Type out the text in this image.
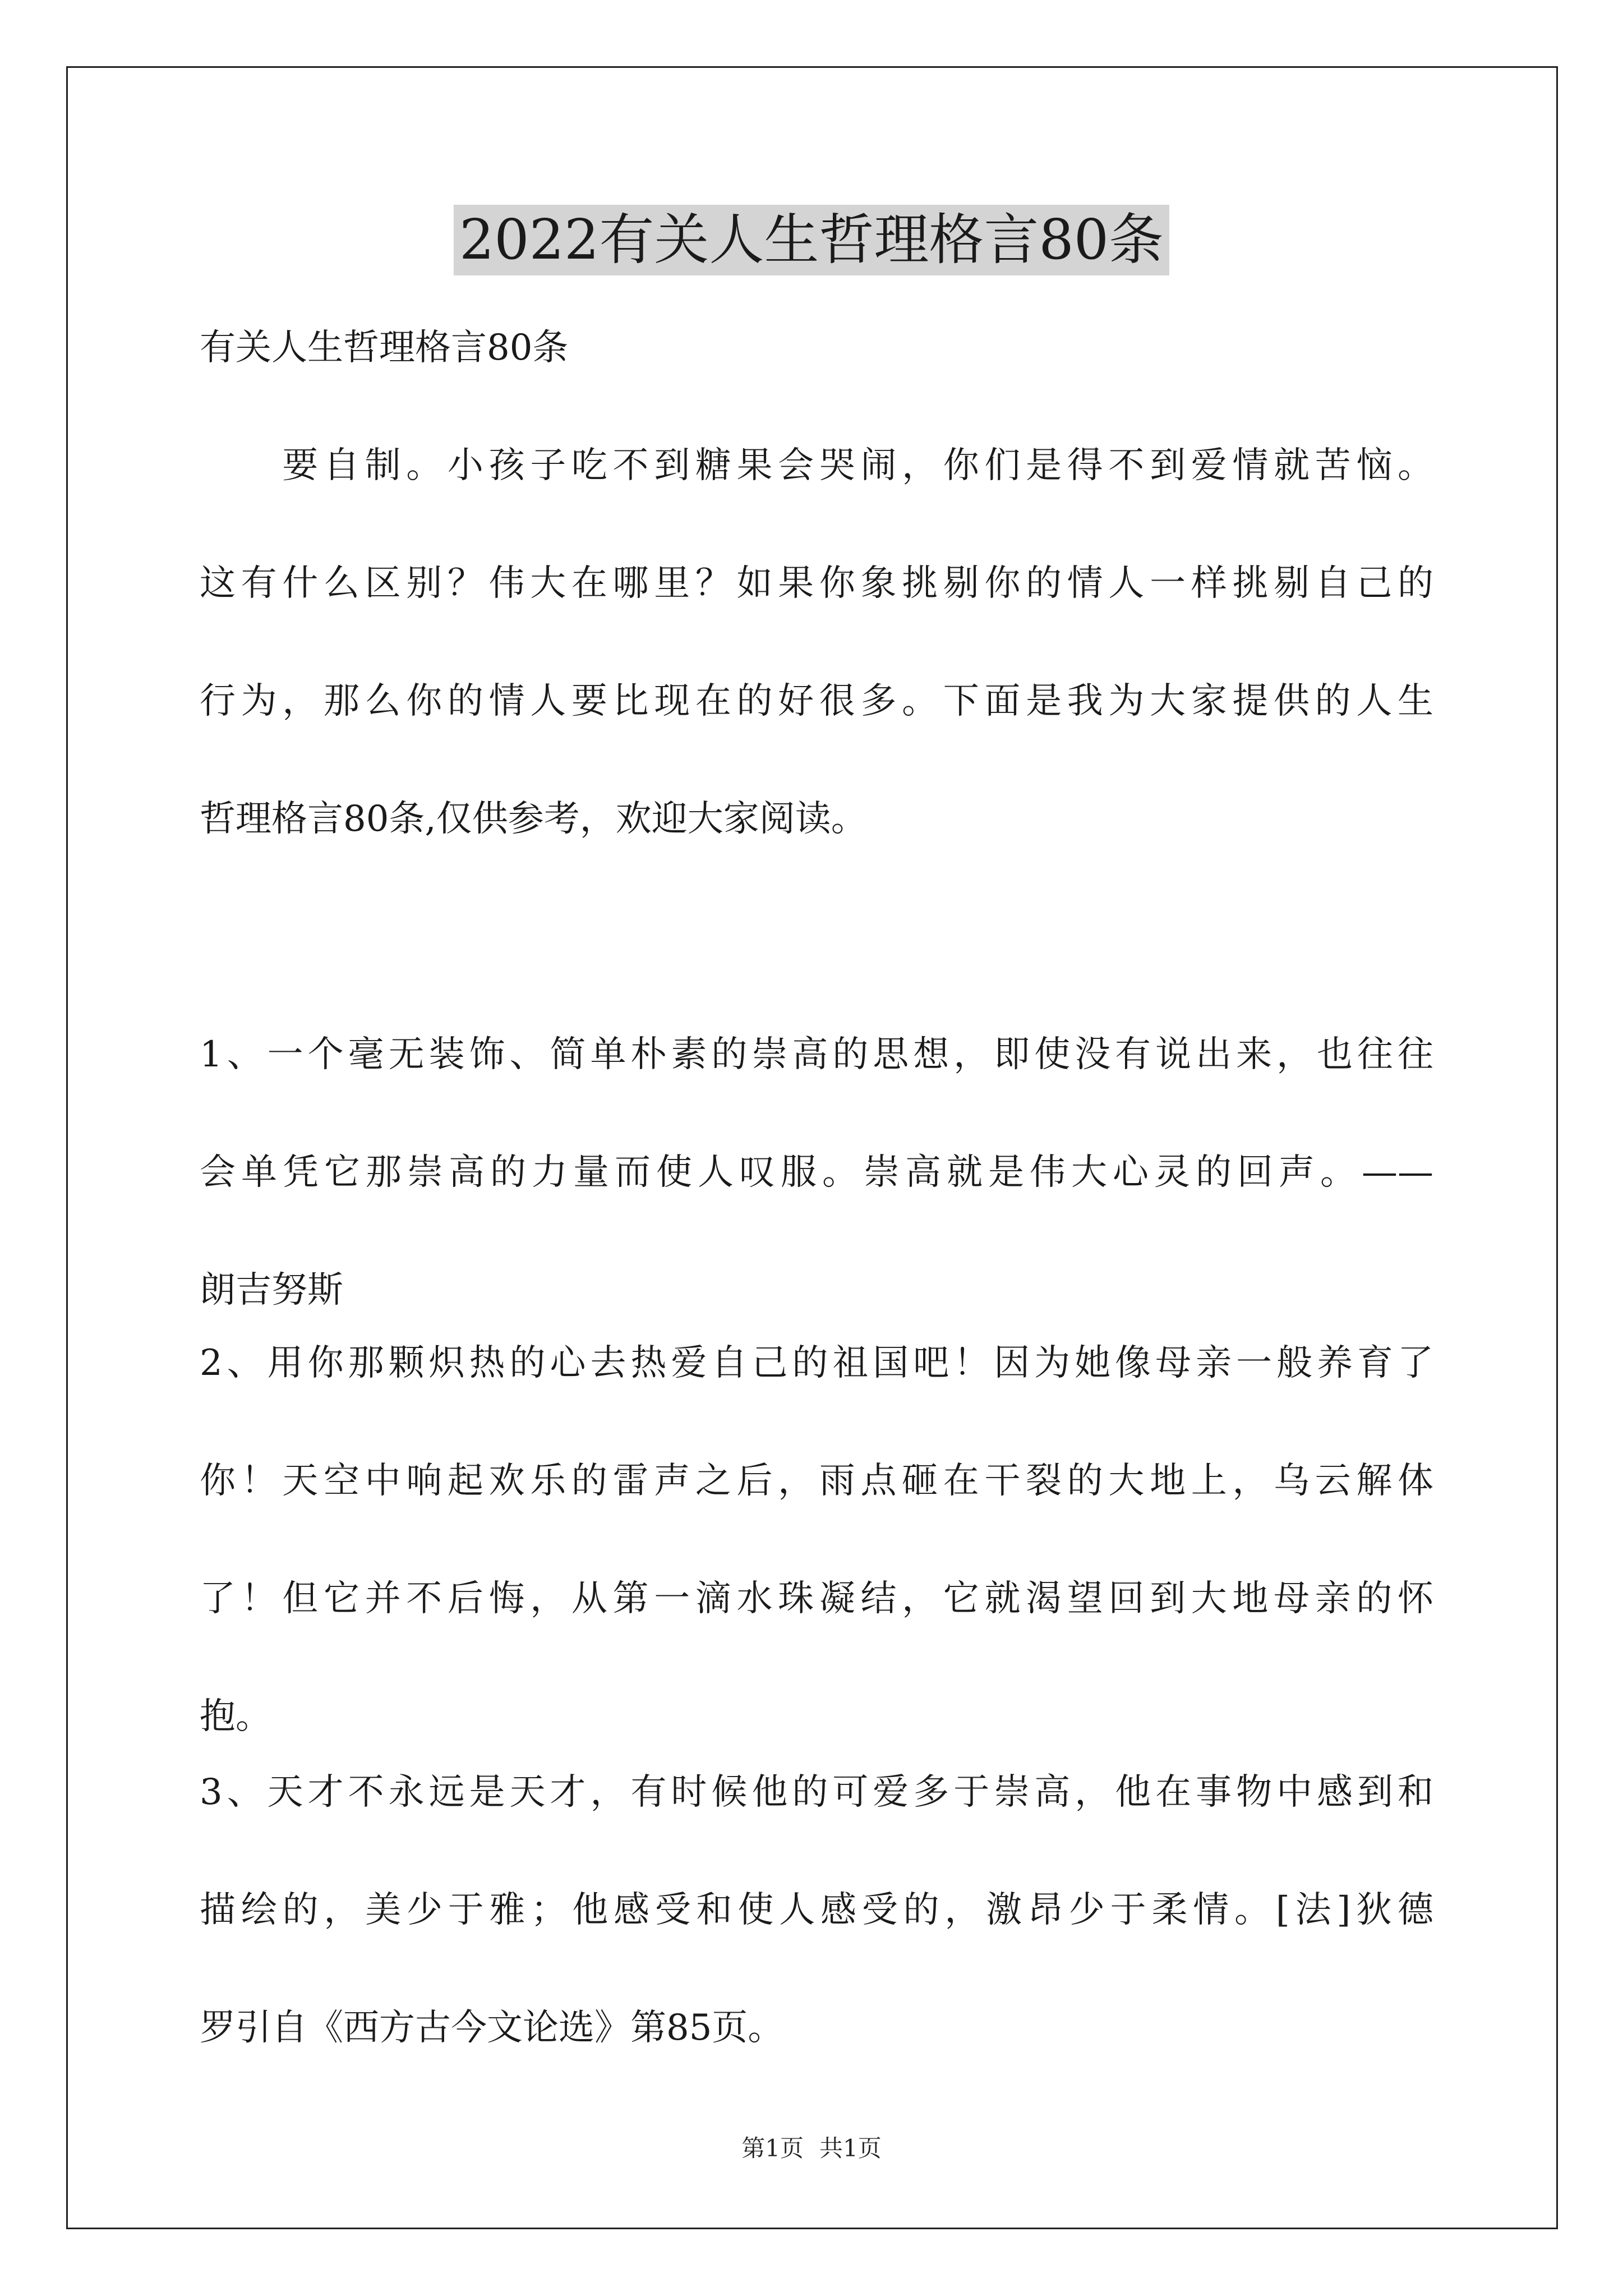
2022有关人生哲理格言80条

有关人生哲理格言80条

　　要自制。小孩子吃不到糖果会哭闹，你们是得不到爱情就苦恼。

这有什么区别？伟大在哪里？如果你象挑剔你的情人一样挑剔自己的

行为，那么你的情人要比现在的好很多。下面是我为大家提供的人生

哲理格言80条,仅供参考，欢迎大家阅读。

1、一个毫无装饰、简单朴素的崇高的思想，即使没有说出来，也往往

会单凭它那崇高的力量而使人叹服。崇高就是伟大心灵的回声。——

朗吉努斯

2、用你那颗炽热的心去热爱自己的祖国吧！因为她像母亲一般养育了

你！天空中响起欢乐的雷声之后，雨点砸在干裂的大地上，乌云解体

了！但它并不后悔，从第一滴水珠凝结，它就渴望回到大地母亲的怀

抱。

3、天才不永远是天才，有时候他的可爱多于崇高，他在事物中感到和

描绘的，美少于雅；他感受和使人感受的，激昂少于柔情。[法]狄德

罗引自《西方古今文论选》第85页。

第1页 共1页
